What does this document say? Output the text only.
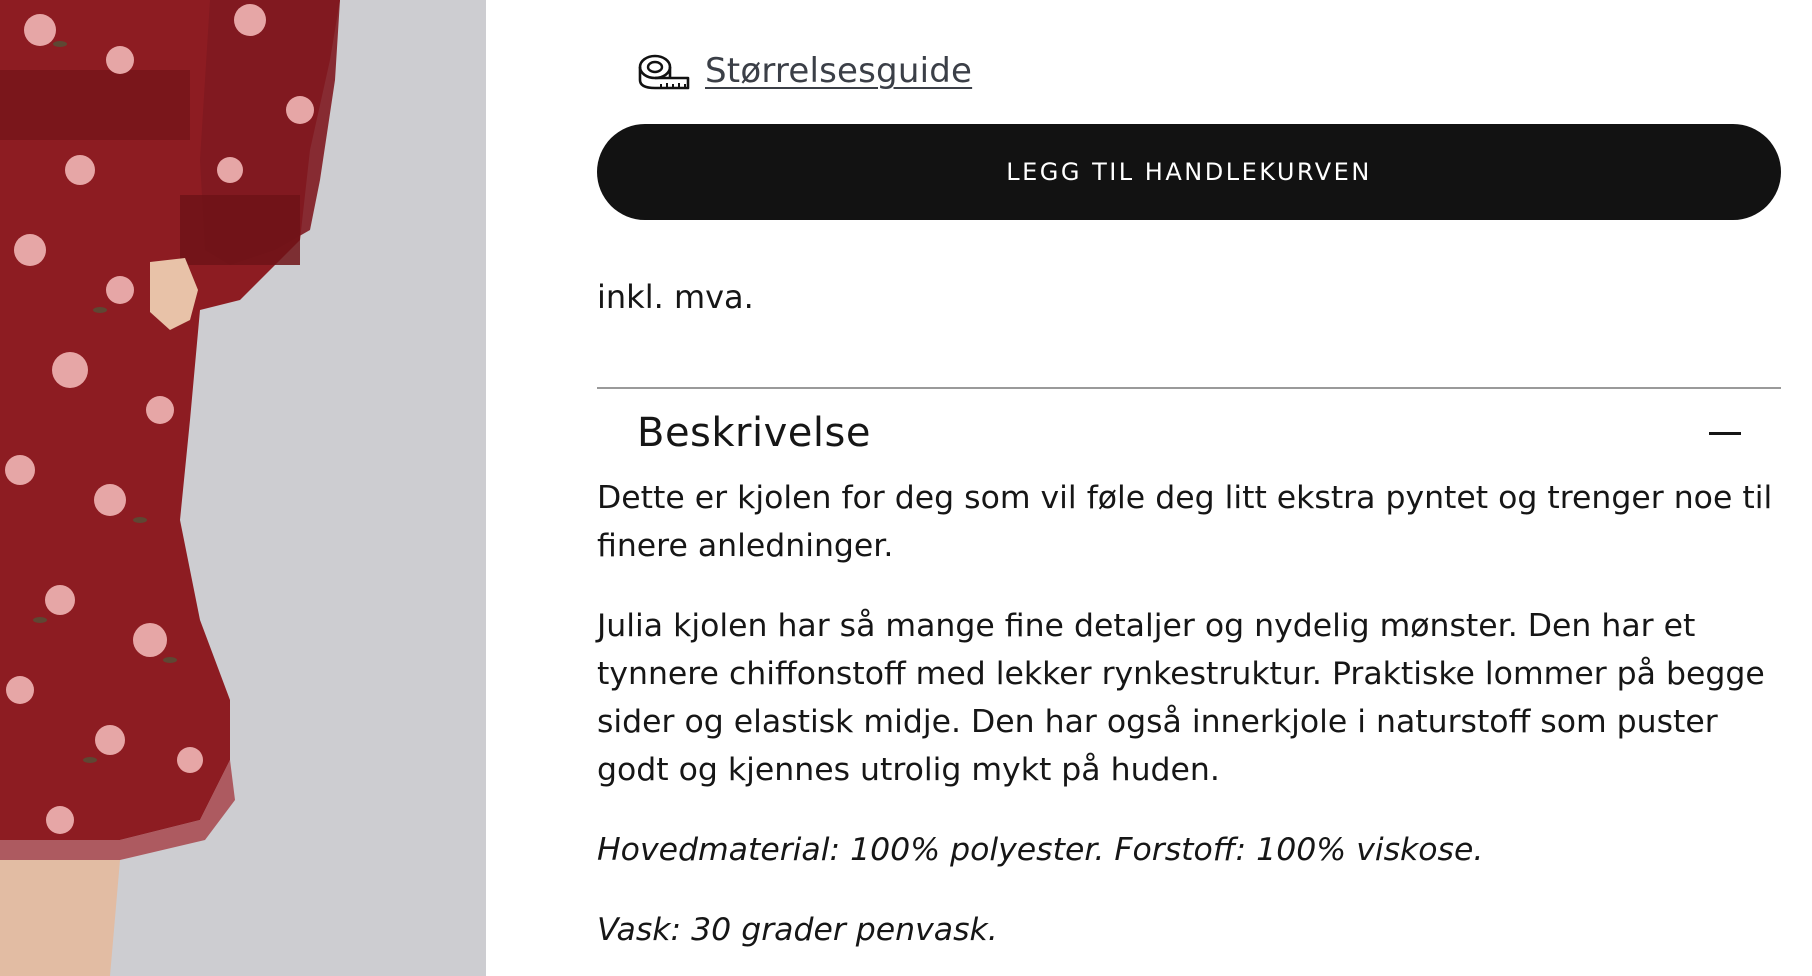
Størrelsesguide
LEGG TIL HANDLEKURVEN
inkl. mva.
Beskrivelse

Dette er kjolen for deg som vil føle deg litt ekstra pyntet og trenger noe til finere anledninger.

Julia kjolen har så mange fine detaljer og nydelig mønster. Den har et tynnere chiffonstoff med lekker rynkestruktur. Praktiske lommer på begge sider og elastisk midje. Den har også innerkjole i naturstoff som puster godt og kjennes utrolig mykt på huden.

Hovedmaterial: 100% polyester. Forstoff: 100% viskose.

Vask: 30 grader penvask.
